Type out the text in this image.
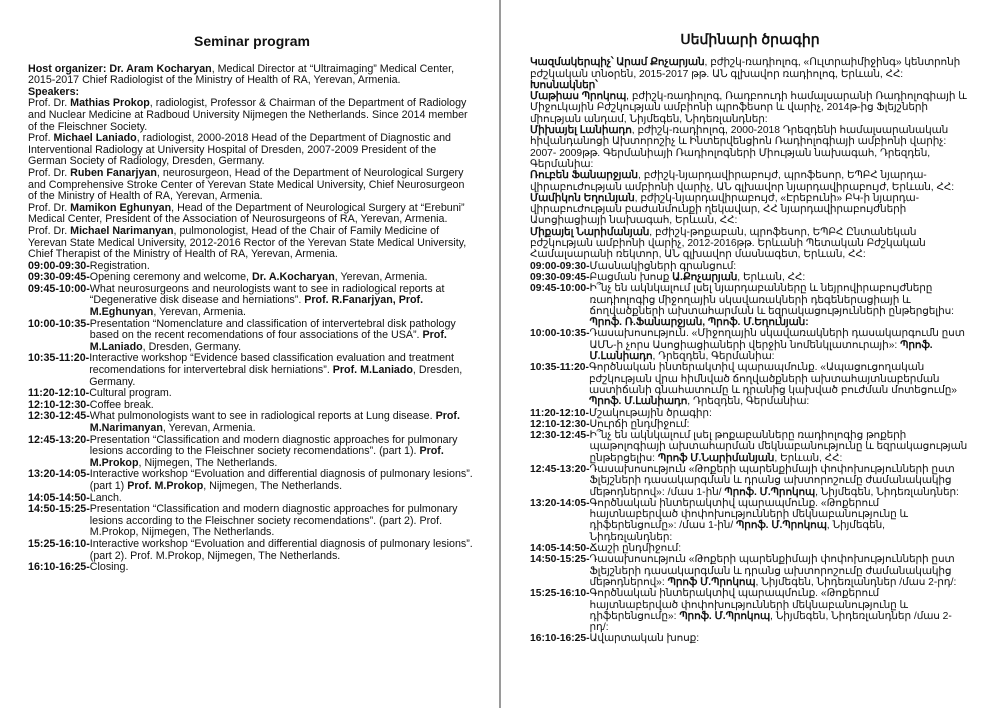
Seminar program

Host organizer: Dr. Aram Kocharyan, Medical Director at “Ultraimaging” Medical Center, 2015-2017 Chief Radiologist of the Ministry of Health of RA, Yerevan, Armenia.

Speakers:

Prof. Dr. Mathias Prokop, radiologist, Professor & Chairman of the Department of Radiology and Nuclear Medicine at Radboud University Nijmegen the Netherlands. Since 2014 member of the Fleischner Society.

Prof. Michael Laniado, radiologist, 2000-2018 Head of the Department of Diagnostic and Interventional Radiology at University Hospital of Dresden, 2007-2009 President of the German Society of Radiology, Dresden, Germany.

Prof. Dr. Ruben Fanarjyan, neurosurgeon, Head of the Department of Neurological Surgery and Comprehensive Stroke Center of Yerevan State Medical University, Chief Neurosurgeon of the Ministry of Health of RA, Yerevan, Armenia.

Prof. Dr. Mamikon Eghunyan, Head of the Department of Neurological Surgery at “Erebuni” Medical Center, President of the Association of Neurosurgeons of RA, Yerevan, Armenia.

Prof. Dr. Michael Narimanyan, pulmonologist, Head of the Chair of Family Medicine of Yerevan State Medical University, 2012-2016 Rector of the Yerevan State Medical University, Chief Therapist of the Ministry of Health of RA, Yerevan, Armenia.

09:00-09:30- Registration.
09:30-09:45- Opening ceremony and welcome, Dr. A.Kocharyan, Yerevan, Armenia.
09:45-10:00- What neurosurgeons and neurologists want to see in radiological reports at “Degenerative disk disease and herniations”. Prof. R.Fanarjyan, Prof. M.Eghunyan, Yerevan, Armenia.
10:00-10:35- Presentation “Nomenclature and classification of intervertebral disk pathology based on the recent recomendations of four associations of the USA”. Prof. M.Laniado, Dresden, Germany.
10:35-11:20- Interactive workshop “Evidence based classification evaluation and treatment recomendations for intervertebral disk herniations”. Prof. M.Laniado, Dresden, Germany.
11:20-12:10- Cultural program.
12:10-12:30- Coffee break.
12:30-12:45- What pulmonologists want to see in radiological reports at Lung disease. Prof. M.Narimanyan, Yerevan, Armenia.
12:45-13:20- Presentation “Classification and modern diagnostic approaches for pulmonary lesions according to the Fleischner society recomendations”. (part 1). Prof. M.Prokop, Nijmegen, The Netherlands.
13:20-14:05- Interactive workshop “Evoluation and differential diagnosis of pulmonary lesions”. (part 1) Prof. M.Prokop, Nijmegen, The Netherlands.
14:05-14:50- Lanch.
14:50-15:25- Presentation “Classification and modern diagnostic approaches for pulmonary lesions according to the Fleischner society recomendations”. (part 2). Prof. M.Prokop, Nijmegen, The Netherlands.
15:25-16:10- Interactive workshop “Evoluation and differential diagnosis of pulmonary lesions”. (part 2). Prof. M.Prokop, Nijmegen, The Netherlands.
16:10-16:25- Closing.
Սեմինարի ծրագիր

Կազմակերպիչ՝ Արամ Քոչարյան, բժիշկ-ռադիոլոգ, «Ուլտրաիմիջինգ» կենտրոնի բժշկական տնօրեն, 2015-2017 թթ. ԱՆ գլխավոր ռադիոլոգ, Երևան, ՀՀ:

Խոսնակներ՝

Մաթիաս Պրոկոպ, բժիշկ-ռադիոլոգ, Ռադբոուդի համալսարանի Ռադիոլոգիայի և Միջուկային Բժշկության ամբիոնի պրոֆեսոր և վարիչ, 2014թ-ից Ֆլեյշների միության անդամ, Նիյմեգեն, Նիդեռլանդներ:

Միխայել Լանիադո, բժիշկ-ռադիոլոգ, 2000-2018 Դրեզդենի համալսարանական հիվանդանոցի Ախտորոշիչ և Ինտերվենցիոն Ռադիոլոգիայի ամբիոնի վարիչ: 2007- 2009թթ. Գերմանիայի Ռադիոլոգների Միության նախագահ, Դրեզդեն, Գերմանիա:

Ռուբեն Ֆանարջյան, բժիշկ-նյարդավիրաբույժ, պրոֆեսոր, ԵՊԲՀ նյարդա-վիրաբուժության ամբիոնի վարիչ, ԱՆ գլխավոր նյարդավիրաբույժ, Երևան, ՀՀ:

Մամիկոն Եղունյան, բժիշկ-նյարդավիրաբույժ, «Էրեբունի» ԲԿ-ի նյարդա-վիրաբուժության բաժանմունքի ղեկավար, ՀՀ նյարդավիրաբույժների Ասոցիացիայի նախագահ, Երևան, ՀՀ:

Միքայել Նարիմանյան, բժիշկ-թոքաբան, պրոֆեսոր, ԵՊԲՀ Ընտանեկան բժշկության ամբիոնի վարիչ, 2012-2016թթ. Երևանի Պետական Բժշկական Համալսարանի ռեկտոր, ԱՆ գլխավոր մասնագետ, Երևան, ՀՀ:

09:00-09:30- Մասնակիցների գրանցում:
09:30-09:45- Բացման խոսք Ա.Քոչարյան, Երևան, ՀՀ:
09:45-10:00- Ի՞նչ են ակնկալում լսել նյարդաբանները և նեյրովիրաբույժները ռադիոլոգից միջողային սկավառակների դեգեներացիայի և ճողվածքների ախտահարման և եզրակացությունների ընթերցելիս: Պրոֆ. Ռ.Ֆանարջյան, Պրոֆ. Մ.Եղունյան:
10:00-10:35- Դասախոսություն. «Միջողային սկավառակների դասակարգումն ըստ ԱՄՆ-ի չորս Ասոցիացիաների վերջին նոմենկլատուրայի»: Պրոֆ. Մ.Լանիադո, Դրեզդեն, Գերմանիա:
10:35-11:20- Գործնական ինտերակտիվ պարապմունք. «Ապացուցողական բժշկության վրա հիմնված ճողվածքների ախտահայտնաբերման աստիճանի գնահատումը և դրանից կախված բուժման մոտեցումը» Պրոֆ. Մ.Լանիադո, Դրեզդեն, Գերմանիա:
11:20-12:10- Մշակութային ծրագիր:
12:10-12:30- Սուրճի ընդմիջում:
12:30-12:45- Ի՞նչ են ակնկալում լսել թոքաբանները ռադիոլոգից թոքերի պաթոլոգիայի ախտահարման մեկնաբանությունը և եզրակացության ընթերցելիս: Պրոֆ Մ.Նարիմանյան, Երևան, ՀՀ:
12:45-13:20- Դասախոսություն «Թոքերի պարենքիմայի փոփոխությունների ըստ Ֆլեյշների դասակարգման և դրանց ախտորոշումը ժամանակակից մեթոդներով»: /մաս 1-ին/ Պրոֆ. Մ.Պրոկոպ, Նիյմեգեն, Նիդեռլանդներ:
13:20-14:05- Գործնական ինտերակտիվ պարապմունք. «Թոքերում հայտնաբերված փոփոխությունների մեկնաբանությունը և դիֆերենցումը»: /մաս 1-ին/ Պրոֆ. Մ.Պրոկոպ, Նիյմեգեն, Նիդեռլանդներ:
14:05-14:50- Ճաշի ընդմիջում:
14:50-15:25- Դասախոսություն «Թոքերի պարենքիմայի փոփոխությունների ըստ Ֆլեյշների դասակարգման և դրանց ախտորոշումը ժամանակակից մեթոդներով»: Պրոֆ Մ.Պրոկոպ, Նիյմեգեն, Նիդեռլանդներ /մաս 2-րդ/:
15:25-16:10- Գործնական ինտերակտիվ պարապմունք. «Թոքերում հայտնաբերված փոփոխությունների մեկնաբանությունը և դիֆերենցումը»: Պրոֆ. Մ.Պրոկոպ, Նիյմեգեն, Նիդեռլանդներ /մաս 2-րդ/:
16:10-16:25- Ավարտական խոսք:
